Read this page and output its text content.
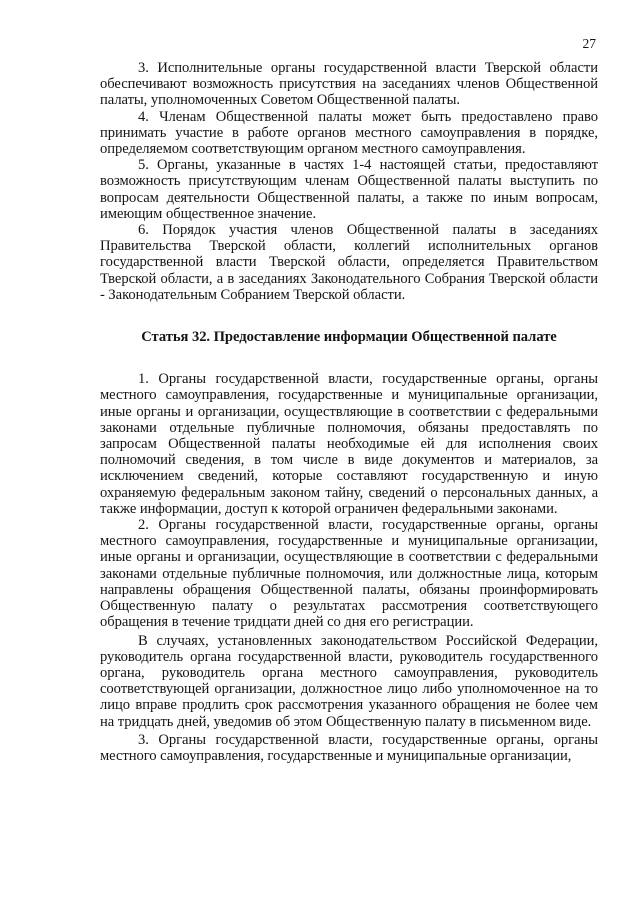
27

3. Исполнительные органы государственной власти Тверской области обеспечивают возможность присутствия на заседаниях членов Общественной палаты, уполномоченных Советом Общественной палаты.

4. Членам Общественной палаты может быть предоставлено право принимать участие в работе органов местного самоуправления в порядке, определяемом соответствующим органом местного самоуправления.

5. Органы, указанные в частях 1-4 настоящей статьи, предоставляют возможность присутствующим членам Общественной палаты выступить по вопросам деятельности Общественной палаты, а также по иным вопросам, имеющим общественное значение.

6. Порядок участия членов Общественной палаты в заседаниях Правительства Тверской области, коллегий исполнительных органов государственной власти Тверской области, определяется Правительством Тверской области, а в заседаниях Законодательного Собрания Тверской области - Законодательным Собранием Тверской области.

Статья 32. Предоставление информации Общественной палате

1. Органы государственной власти, государственные органы, органы местного самоуправления, государственные и муниципальные организации, иные органы и организации, осуществляющие в соответствии с федеральными законами отдельные публичные полномочия, обязаны предоставлять по запросам Общественной палаты необходимые ей для исполнения своих полномочий сведения, в том числе в виде документов и материалов, за исключением сведений, которые составляют государственную и иную охраняемую федеральным законом тайну, сведений о персональных данных, а также информации, доступ к которой ограничен федеральными законами.

2. Органы государственной власти, государственные органы, органы местного самоуправления, государственные и муниципальные организации, иные органы и организации, осуществляющие в соответствии с федеральными законами отдельные публичные полномочия, или должностные лица, которым направлены обращения Общественной палаты, обязаны проинформировать Общественную палату о результатах рассмотрения соответствующего обращения в течение тридцати дней со дня его регистрации.

В случаях, установленных законодательством Российской Федерации, руководитель органа государственной власти, руководитель государственного органа, руководитель органа местного самоуправления, руководитель соответствующей организации, должностное лицо либо уполномоченное на то лицо вправе продлить срок рассмотрения указанного обращения не более чем на тридцать дней, уведомив об этом Общественную палату в письменном виде.

3. Органы государственной власти, государственные органы, органы местного самоуправления, государственные и муниципальные организации,
